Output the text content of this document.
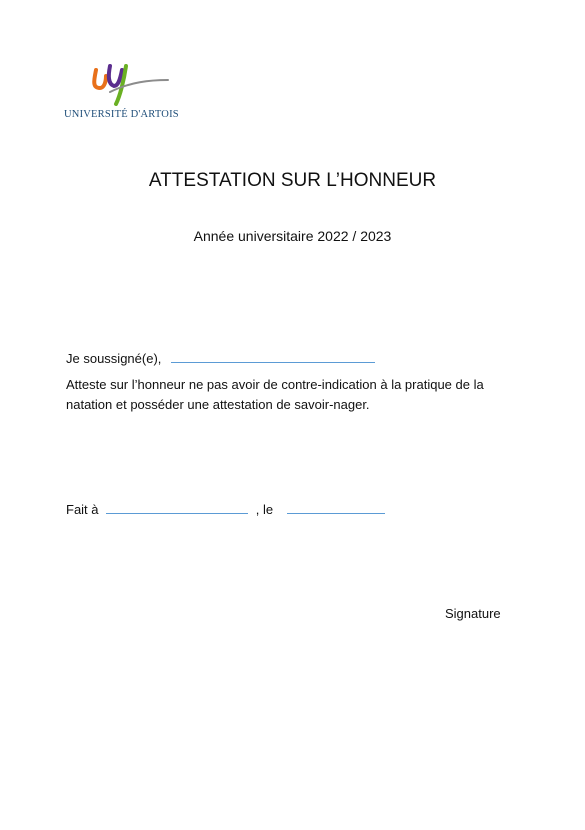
UNIVERSITÉ D'ARTOIS
ATTESTATION SUR L’HONNEUR
Année universitaire 2022 / 2023
Je soussigné(e),
Atteste sur l’honneur ne pas avoir de contre-indication à la pratique de la natation et posséder une attestation de savoir-nager.
Fait à	, le
Signature
